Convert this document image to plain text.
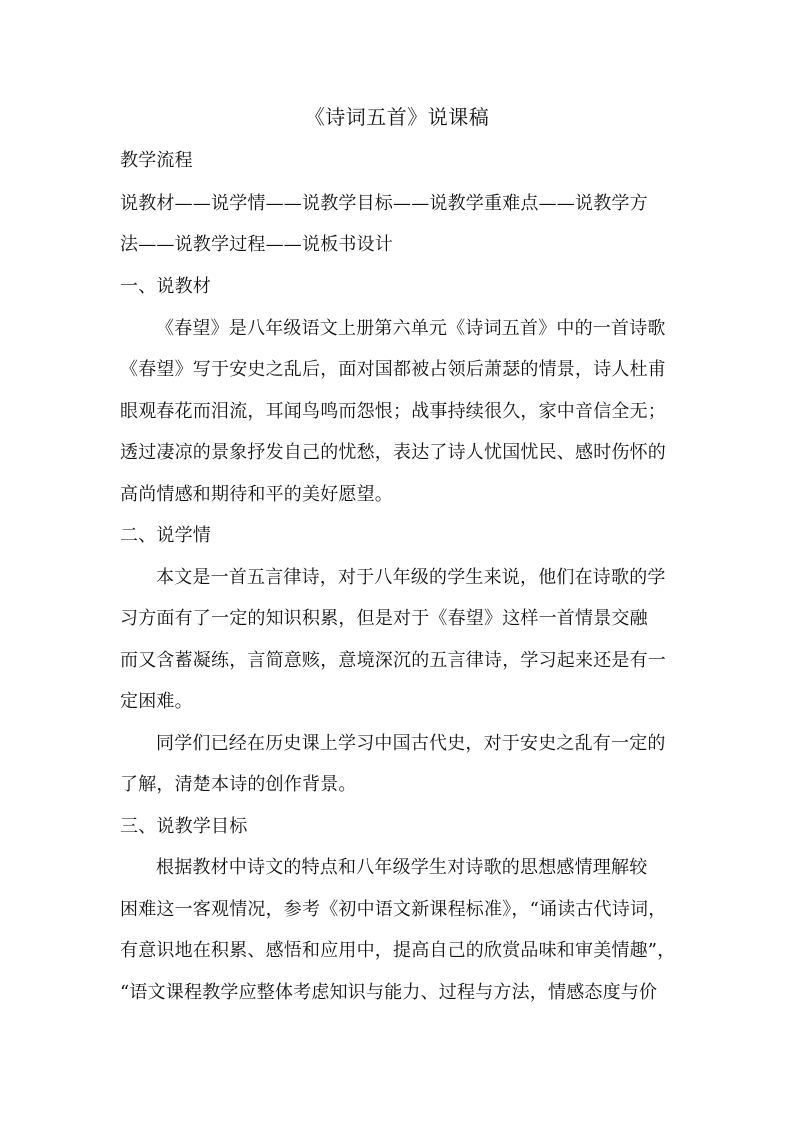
《诗词五首》说课稿
教学流程
说教材——说学情——说教学目标——说教学重难点——说教学方
法——说教学过程——说板书设计
一、说教材
《春望》是八年级语文上册第六单元《诗词五首》中的一首诗歌
《春望》写于安史之乱后，面对国都被占领后萧瑟的情景，诗人杜甫
眼观春花而泪流，耳闻鸟鸣而怨恨；战事持续很久，家中音信全无；
透过凄凉的景象抒发自己的忧愁，表达了诗人忧国忧民、感时伤怀的
高尚情感和期待和平的美好愿望。
二、说学情
本文是一首五言律诗，对于八年级的学生来说，他们在诗歌的学
习方面有了一定的知识积累，但是对于《春望》这样一首情景交融
而又含蓄凝练，言简意赅，意境深沉的五言律诗，学习起来还是有一
定困难。
同学们已经在历史课上学习中国古代史，对于安史之乱有一定的
了解，清楚本诗的创作背景。
三、说教学目标
根据教材中诗文的特点和八年级学生对诗歌的思想感情理解较
困难这一客观情况，参考《初中语文新课程标准》，“诵读古代诗词，
有意识地在积累、感悟和应用中，提高自己的欣赏品味和审美情趣”，
“语文课程教学应整体考虑知识与能力、过程与方法，情感态度与价
